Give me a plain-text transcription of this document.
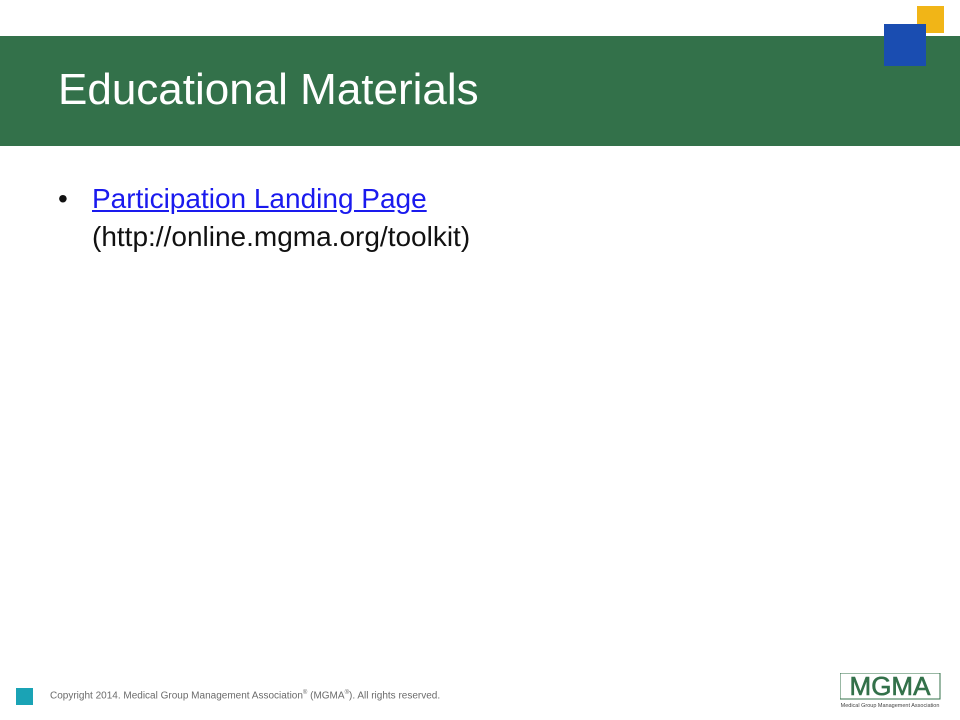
Educational Materials
• Participation Landing Page
(http://online.mgma.org/toolkit)
Copyright 2014. Medical Group Management Association® (MGMA®). All rights reserved.	MGMA
Medical Group Management Association
